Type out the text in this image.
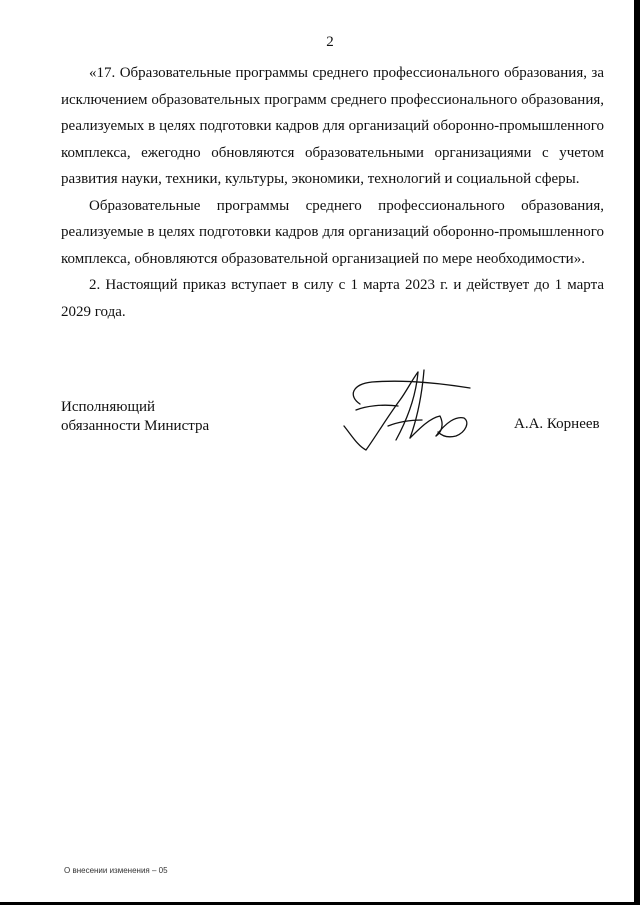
2

«17. Образовательные программы среднего профессионального образования, за исключением образовательных программ среднего профессионального образования, реализуемых в целях подготовки кадров для организаций оборонно-промышленного комплекса, ежегодно обновляются образовательными организациями с учетом развития науки, техники, культуры, экономики, технологий и социальной сферы.

Образовательные программы среднего профессионального образования, реализуемые в целях подготовки кадров для организаций оборонно-промышленного комплекса, обновляются образовательной организацией по мере необходимости».

2. Настоящий приказ вступает в силу с 1 марта 2023 г. и действует до 1 марта 2029 года.

Исполняющий
обязанности Министра	А.А. Корнеев
О внесении изменения – 05
